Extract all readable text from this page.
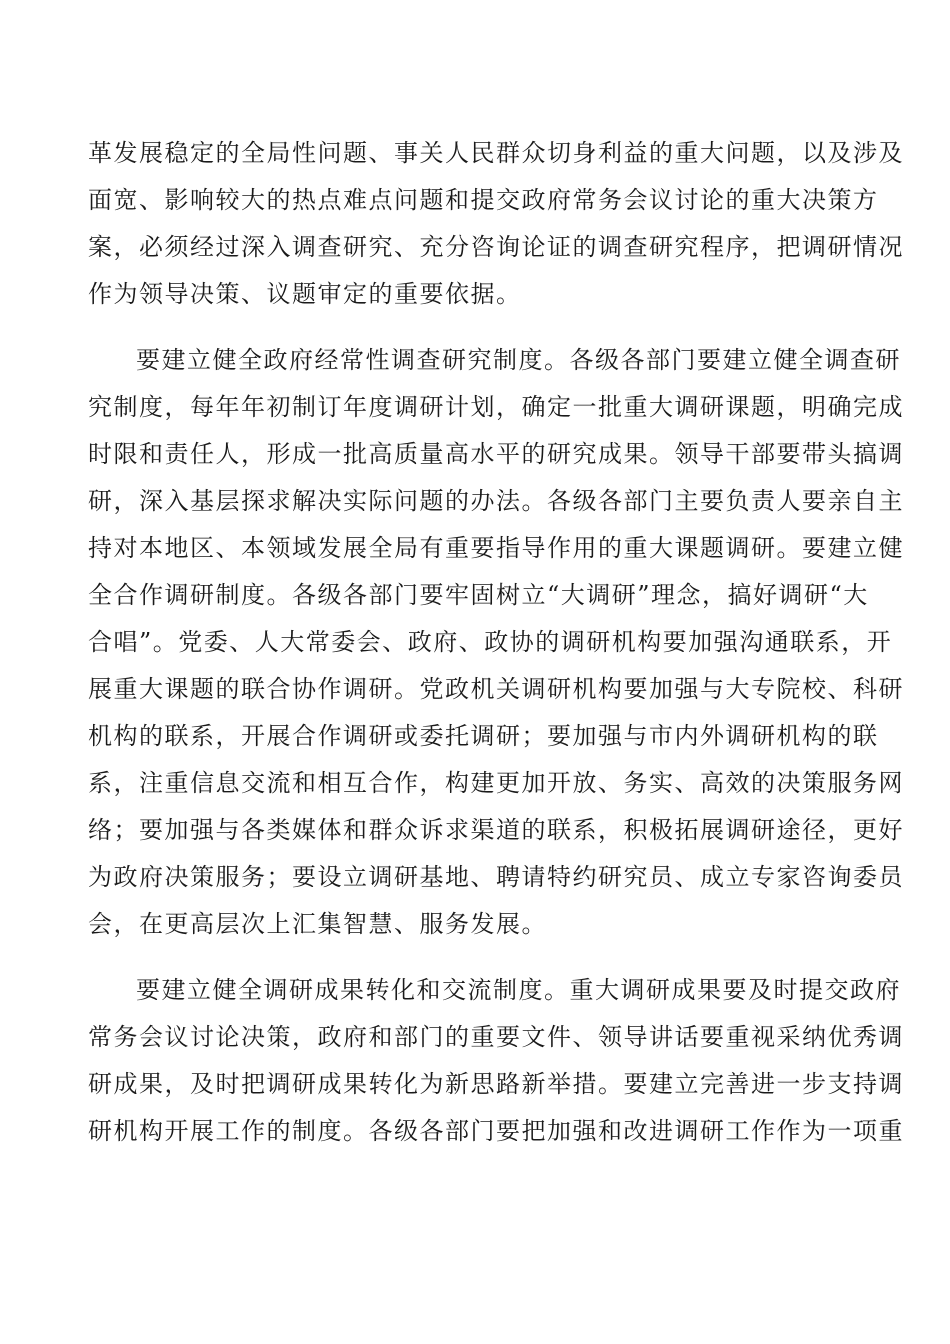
革发展稳定的全局性问题、事关人民群众切身利益的重大问题，以及涉及
面宽、影响较大的热点难点问题和提交政府常务会议讨论的重大决策方
案，必须经过深入调查研究、充分咨询论证的调查研究程序，把调研情况
作为领导决策、议题审定的重要依据。
要建立健全政府经常性调查研究制度。各级各部门要建立健全调查研
究制度，每年年初制订年度调研计划，确定一批重大调研课题，明确完成
时限和责任人，形成一批高质量高水平的研究成果。领导干部要带头搞调
研，深入基层探求解决实际问题的办法。各级各部门主要负责人要亲自主
持对本地区、本领域发展全局有重要指导作用的重大课题调研。要建立健
全合作调研制度。各级各部门要牢固树立“大调研”理念，搞好调研“大
合唱”。党委、人大常委会、政府、政协的调研机构要加强沟通联系，开
展重大课题的联合协作调研。党政机关调研机构要加强与大专院校、科研
机构的联系，开展合作调研或委托调研；要加强与市内外调研机构的联
系，注重信息交流和相互合作，构建更加开放、务实、高效的决策服务网
络；要加强与各类媒体和群众诉求渠道的联系，积极拓展调研途径，更好
为政府决策服务；要设立调研基地、聘请特约研究员、成立专家咨询委员
会，在更高层次上汇集智慧、服务发展。
要建立健全调研成果转化和交流制度。重大调研成果要及时提交政府
常务会议讨论决策，政府和部门的重要文件、领导讲话要重视采纳优秀调
研成果，及时把调研成果转化为新思路新举措。要建立完善进一步支持调
研机构开展工作的制度。各级各部门要把加强和改进调研工作作为一项重
